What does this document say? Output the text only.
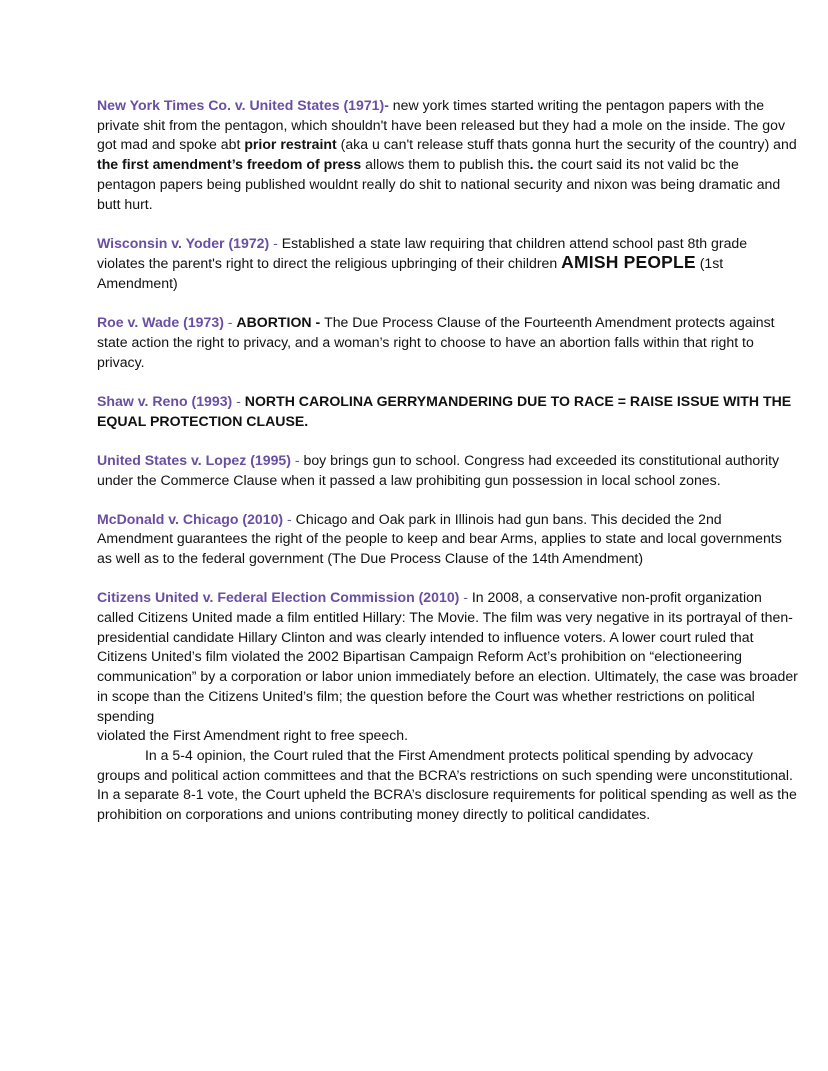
New York Times Co. v. United States (1971)- new york times started writing the pentagon papers with the private shit from the pentagon, which shouldn't have been released but they had a mole on the inside. The gov got mad and spoke abt prior restraint (aka u can't release stuff thats gonna hurt the security of the country) and the first amendment’s freedom of press allows them to publish this. the court said its not valid bc the pentagon papers being published wouldnt really do shit to national security and nixon was being dramatic and butt hurt.

Wisconsin v. Yoder (1972) - Established a state law requiring that children attend school past 8th grade violates the parent's right to direct the religious upbringing of their children AMISH PEOPLE (1st Amendment)

Roe v. Wade (1973) - ABORTION - The Due Process Clause of the Fourteenth Amendment protects against state action the right to privacy, and a woman’s right to choose to have an abortion falls within that right to privacy.

Shaw v. Reno (1993) - NORTH CAROLINA GERRYMANDERING DUE TO RACE = RAISE ISSUE WITH THE EQUAL PROTECTION CLAUSE.

United States v. Lopez (1995) - boy brings gun to school. Congress had exceeded its constitutional authority under the Commerce Clause when it passed a law prohibiting gun possession in local school zones.

McDonald v. Chicago (2010) - Chicago and Oak park in Illinois had gun bans. This decided the 2nd Amendment guarantees the right of the people to keep and bear Arms, applies to state and local governments as well as to the federal government (The Due Process Clause of the 14th Amendment)

Citizens United v. Federal Election Commission (2010) - In 2008, a conservative non-profit organization called Citizens United made a film entitled Hillary: The Movie. The film was very negative in its portrayal of then-presidential candidate Hillary Clinton and was clearly intended to influence voters. A lower court ruled that Citizens United’s film violated the 2002 Bipartisan Campaign Reform Act’s prohibition on “electioneering communication” by a corporation or labor union immediately before an election. Ultimately, the case was broader in scope than the Citizens United’s film; the question before the Court was whether restrictions on political spending
violated the First Amendment right to free speech.
In a 5-4 opinion, the Court ruled that the First Amendment protects political spending by advocacy groups and political action committees and that the BCRA’s restrictions on such spending were unconstitutional. In a separate 8-1 vote, the Court upheld the BCRA’s disclosure requirements for political spending as well as the prohibition on corporations and unions contributing money directly to political candidates.
